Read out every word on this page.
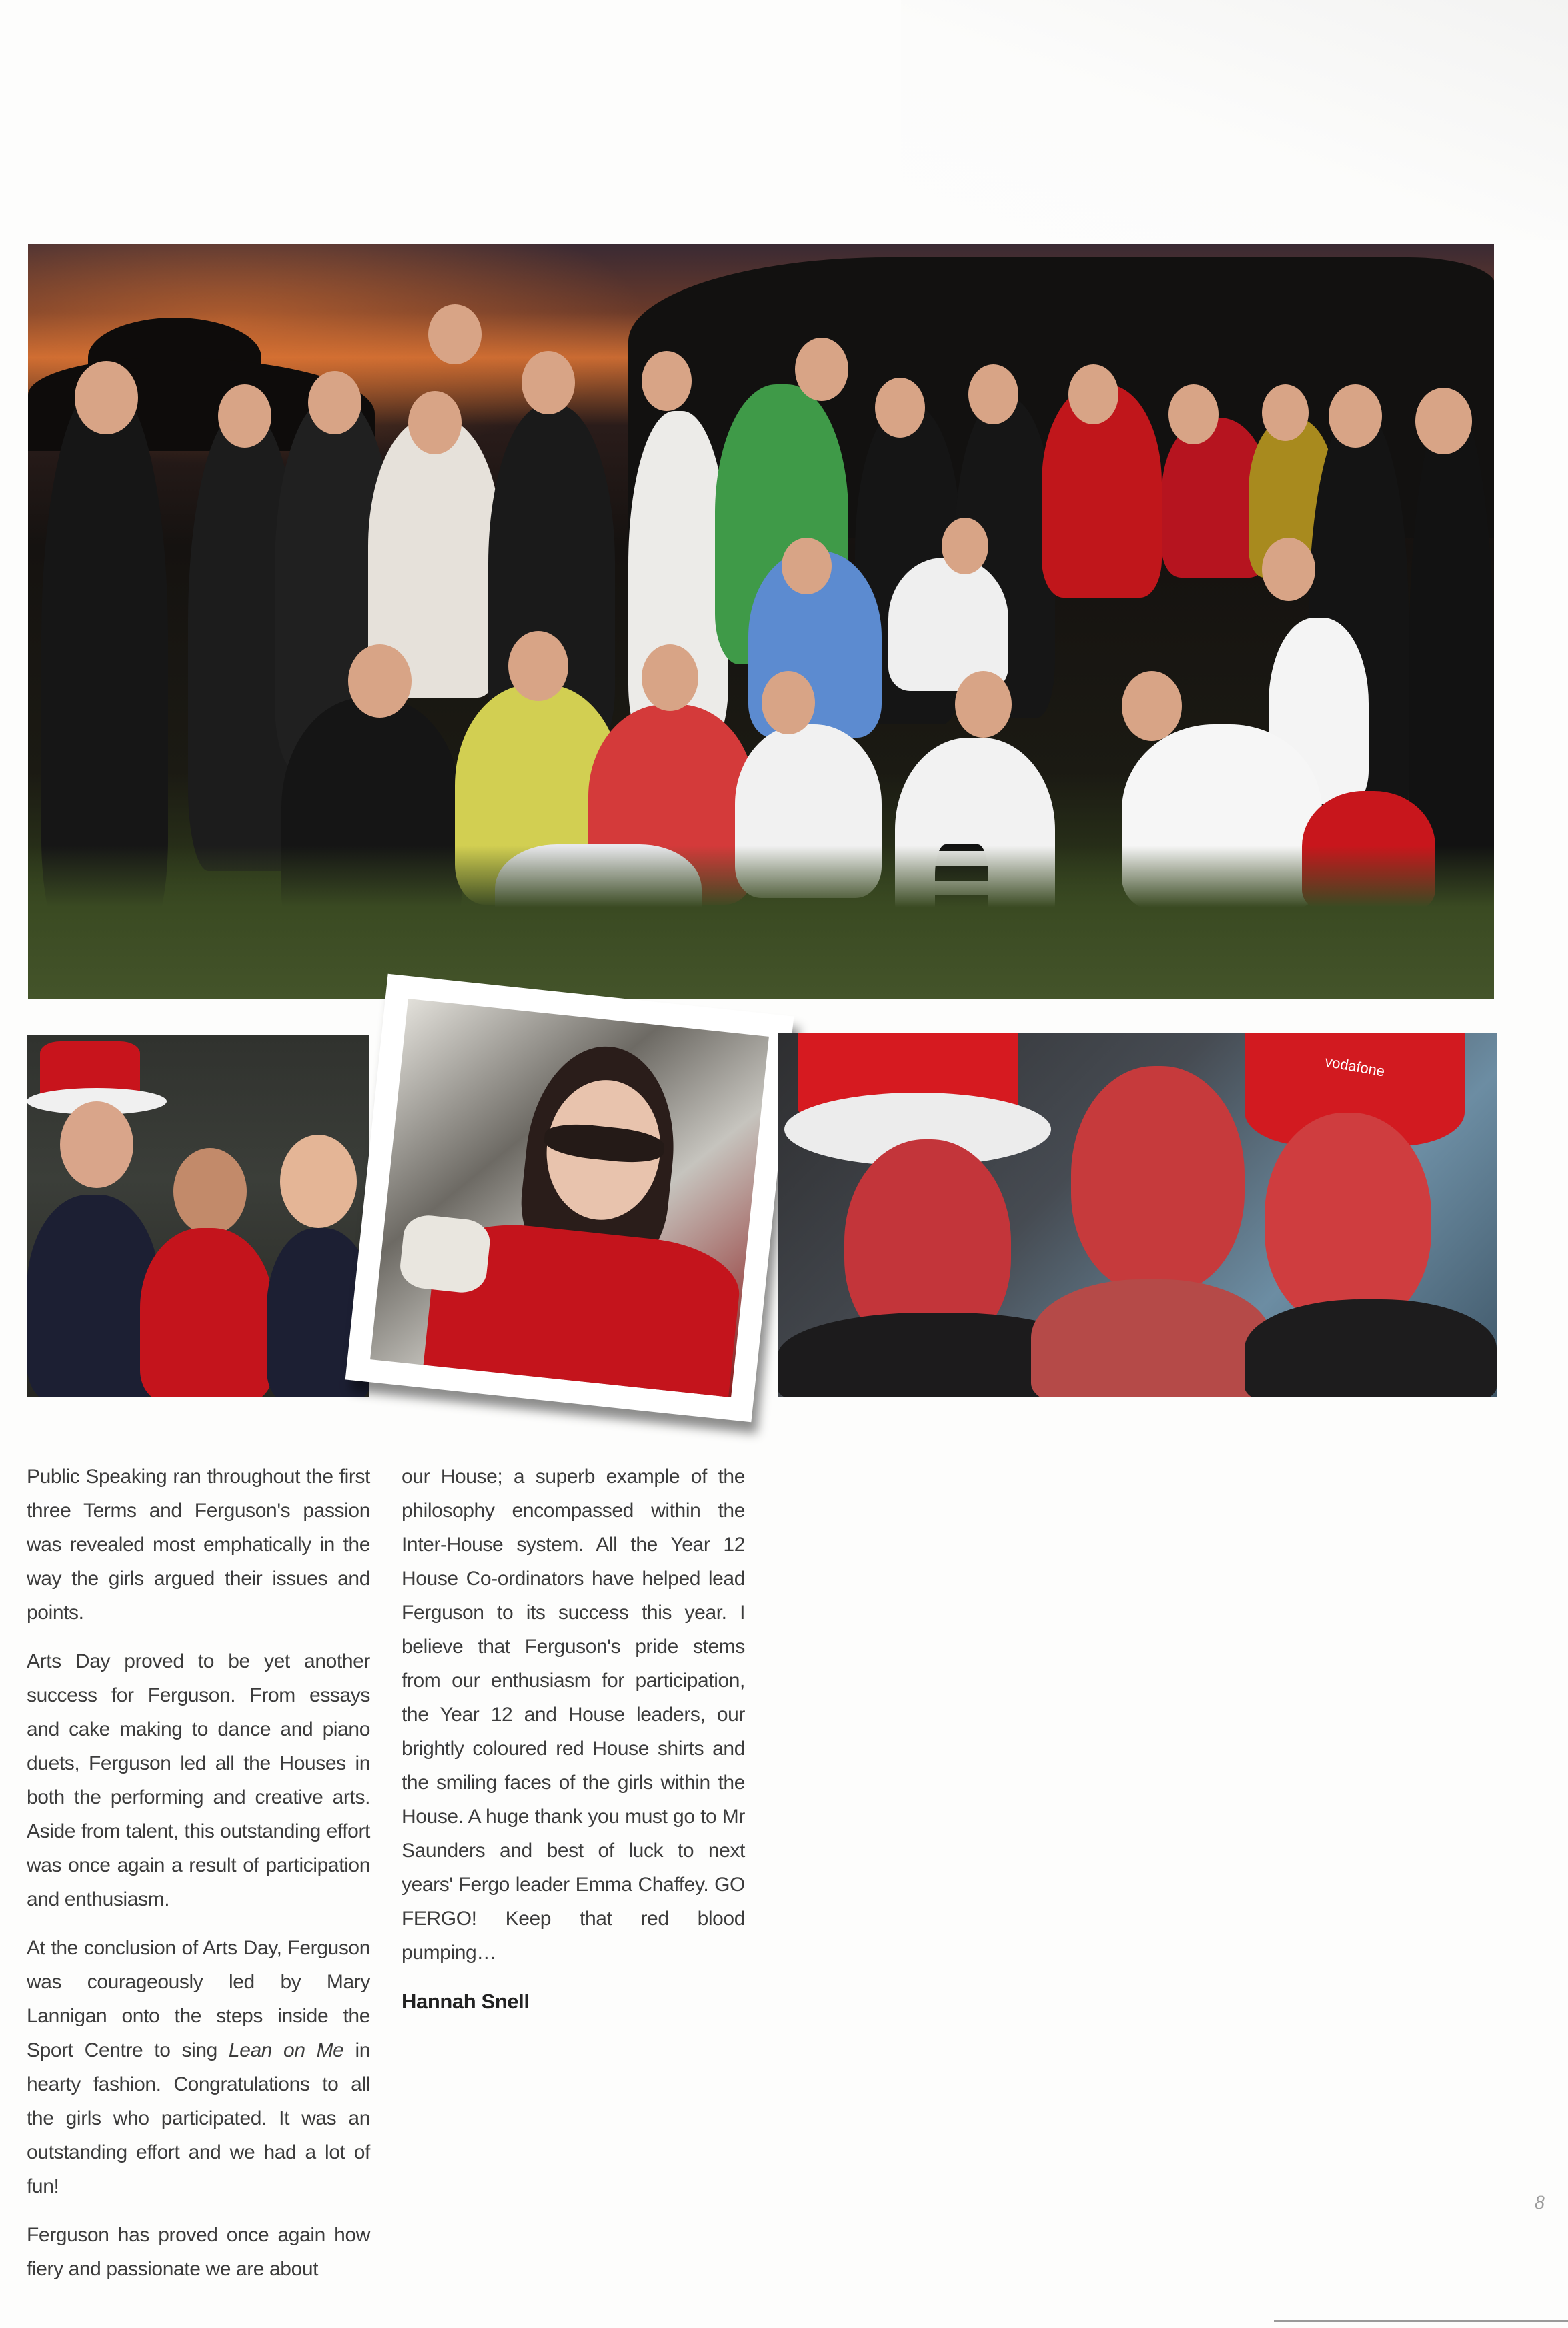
vodafone

Public Speaking ran throughout the first three Terms and Ferguson's passion was revealed most emphatically in the way the girls argued their issues and points.

Arts Day proved to be yet another success for Ferguson. From essays and cake making to dance and piano duets, Ferguson led all the Houses in both the performing and creative arts. Aside from talent, this outstanding effort was once again a result of participation and enthusiasm.

At the conclusion of Arts Day, Ferguson was courageously led by Mary Lannigan onto the steps inside the Sport Centre to sing Lean on Me in hearty fashion. Congratulations to all the girls who participated. It was an outstanding effort and we had a lot of fun!

Ferguson has proved once again how fiery and passionate we are about

our House; a superb example of the philosophy encompassed within the Inter-House system. All the Year 12 House Co-ordinators have helped lead Ferguson to its success this year. I believe that Ferguson's pride stems from our enthusiasm for participation, the Year 12 and House leaders, our brightly coloured red House shirts and the smiling faces of the girls within the House. A huge thank you must go to Mr Saunders and best of luck to next years' Fergo leader Emma Chaffey. GO FERGO! Keep that red blood pumping…

Hannah Snell

8
